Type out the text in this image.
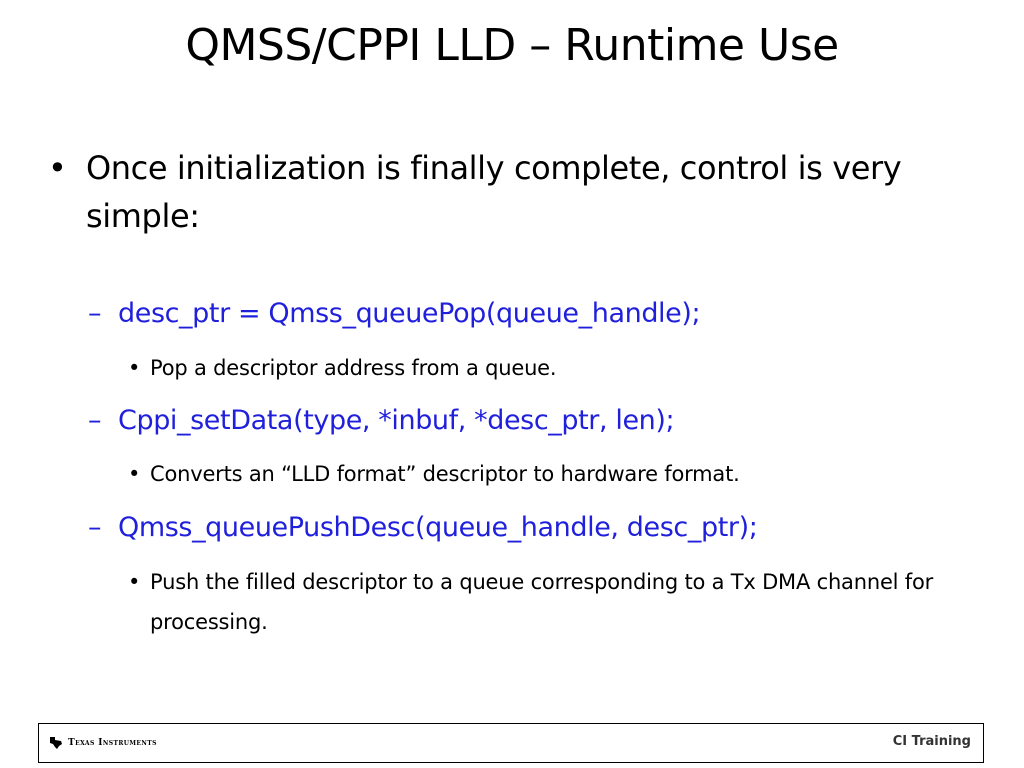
QMSS/CPPI LLD – Runtime Use
• Once initialization is finally complete, control is very simple:
– desc_ptr = Qmss_queuePop(queue_handle);
• Pop a descriptor address from a queue.
– Cppi_setData(type, *inbuf, *desc_ptr, len);
• Converts an “LLD format” descriptor to hardware format.
– Qmss_queuePushDesc(queue_handle, desc_ptr);
• Push the filled descriptor to a queue corresponding to a Tx DMA channel for processing.
Texas Instruments	CI Training
